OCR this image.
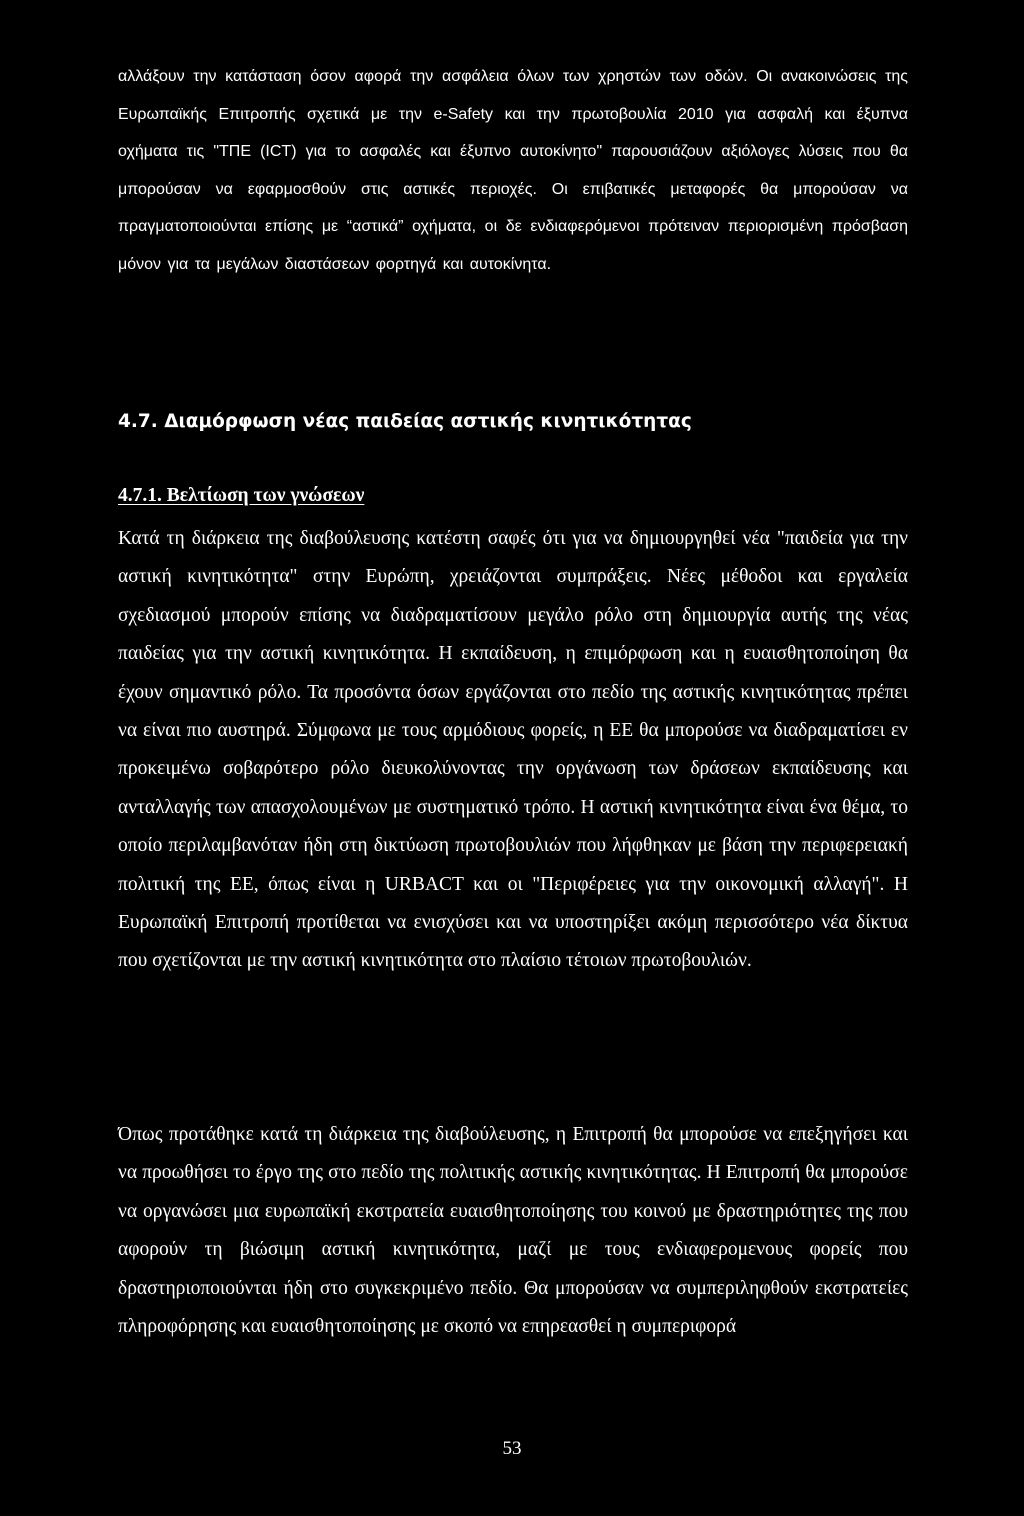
αλλάξουν την κατάσταση όσον αφορά την ασφάλεια όλων των χρηστών των οδών. Οι ανακοινώσεις της Ευρωπαϊκής Επιτροπής σχετικά με την e-Safety και την πρωτοβουλία 2010 για ασφαλή και έξυπνα οχήματα τις "ΤΠΕ (ICT) για το ασφαλές και έξυπνο αυτοκίνητο" παρουσιάζουν αξιόλογες λύσεις που θα μπορούσαν να εφαρμοσθούν στις αστικές περιοχές. Οι επιβατικές μεταφορές θα μπορούσαν να πραγματοποιούνται επίσης με “αστικά” οχήματα, οι δε ενδιαφερόμενοι πρότειναν περιορισμένη πρόσβαση μόνον για τα μεγάλων διαστάσεων φορτηγά και αυτοκίνητα.

4.7. Διαμόρφωση νέας παιδείας αστικής κινητικότητας
4.7.1. Βελτίωση των γνώσεων

Κατά τη διάρκεια της διαβούλευσης κατέστη σαφές ότι για να δημιουργηθεί νέα "παιδεία για την αστική κινητικότητα" στην Ευρώπη, χρειάζονται συμπράξεις. Νέες μέθοδοι και εργαλεία σχεδιασμού μπορούν επίσης να διαδραματίσουν μεγάλο ρόλο στη δημιουργία αυτής της νέας παιδείας για την αστική κινητικότητα. Η εκπαίδευση, η επιμόρφωση και η ευαισθητοποίηση θα έχουν σημαντικό ρόλο. Τα προσόντα όσων εργάζονται στο πεδίο της αστικής κινητικότητας πρέπει να είναι πιο αυστηρά. Σύμφωνα με τους αρμόδιους φορείς, η ΕΕ θα μπορούσε να διαδραματίσει εν προκειμένω σοβαρότερο ρόλο διευκολύνοντας την οργάνωση των δράσεων εκπαίδευσης και ανταλλαγής των απασχολουμένων με συστηματικό τρόπο. Η αστική κινητικότητα είναι ένα θέμα, το οποίο περιλαμβανόταν ήδη στη δικτύωση πρωτοβουλιών που λήφθηκαν με βάση την περιφερειακή πολιτική της ΕΕ, όπως είναι η URBACT και οι "Περιφέρειες για την οικονομική αλλαγή". Η Ευρωπαϊκή Επιτροπή προτίθεται να ενισχύσει και να υποστηρίξει ακόμη περισσότερο νέα δίκτυα που σχετίζονται με την αστική κινητικότητα στο πλαίσιο τέτοιων πρωτοβουλιών.

Όπως προτάθηκε κατά τη διάρκεια της διαβούλευσης, η Επιτροπή θα μπορούσε να επεξηγήσει και να προωθήσει το έργο της στο πεδίο της πολιτικής αστικής κινητικότητας. Η Επιτροπή θα μπορούσε να οργανώσει μια ευρωπαϊκή εκστρατεία ευαισθητοποίησης του κοινού με δραστηριότητες της που αφορούν τη βιώσιμη αστική κινητικότητα, μαζί με τους ενδιαφερομενους φορείς που δραστηριοποιούνται ήδη στο συγκεκριμένο πεδίο. Θα μπορούσαν να συμπεριληφθούν εκστρατείες πληροφόρησης και ευαισθητοποίησης με σκοπό να επηρεασθεί η συμπεριφορά

53
